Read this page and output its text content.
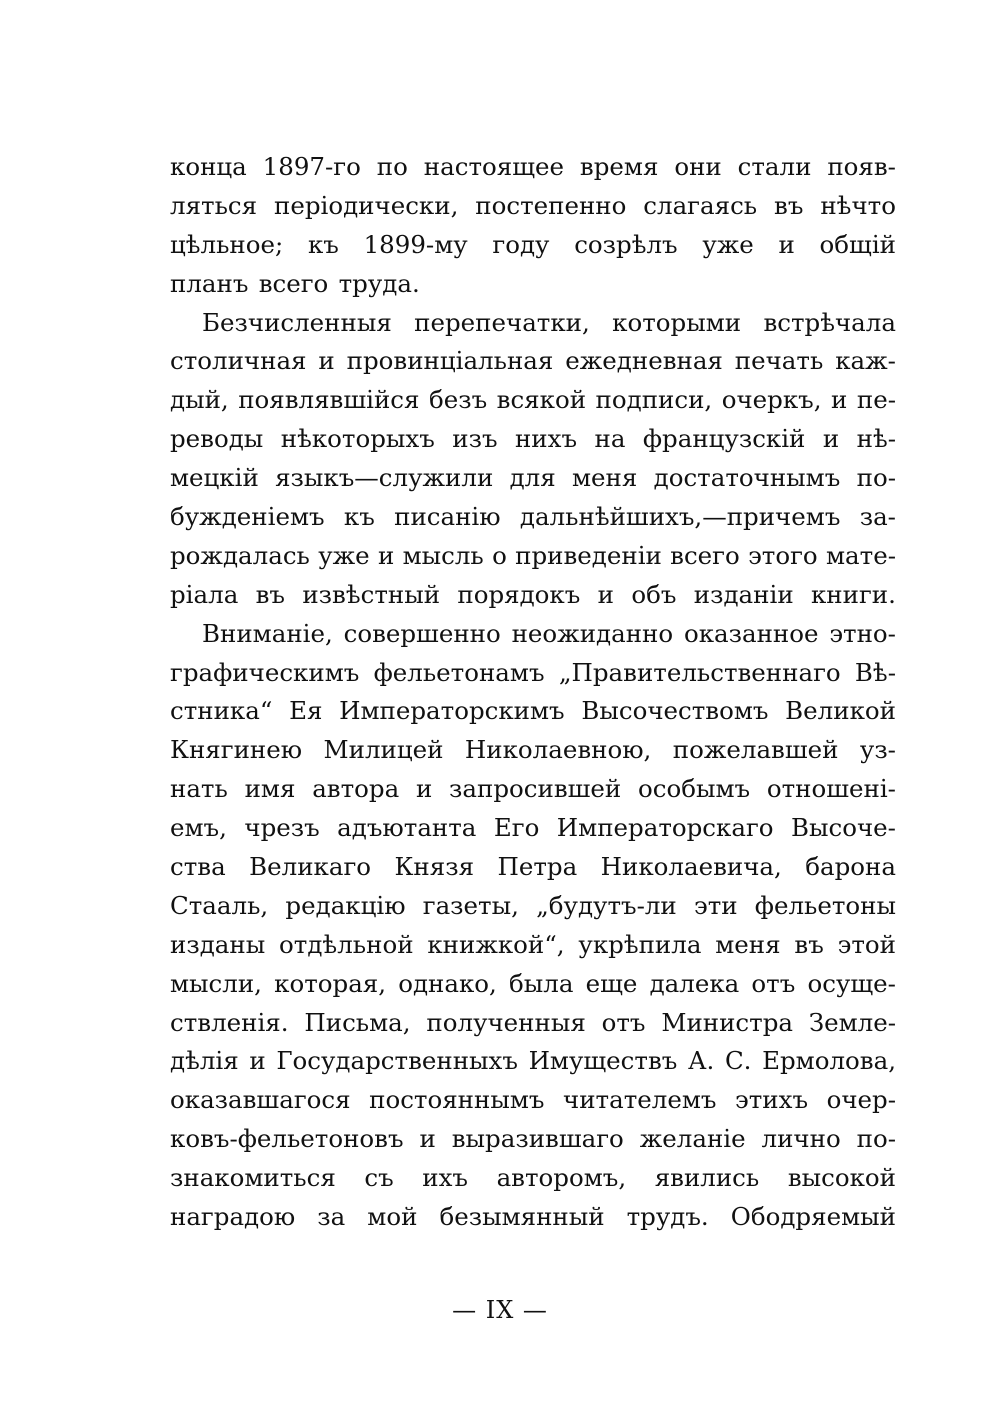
конца 1897-го по настоящее время они стали появ-
ляться періодически, постепенно слагаясь въ нѣчто
цѣльное; къ 1899-му году созрѣлъ уже и общій
планъ всего труда.
Безчисленныя перепечатки, которыми встрѣчала
столичная и провинціальная ежедневная печать каж-
дый, появлявшійся безъ всякой подписи, очеркъ, и пе-
реводы нѣкоторыхъ изъ нихъ на французскій и нѣ-
мецкій языкъ—служили для меня достаточнымъ по-
бужденіемъ къ писанію дальнѣйшихъ,—причемъ за-
рождалась уже и мысль о приведеніи всего этого мате-
ріала въ извѣстный порядокъ и объ изданіи книги.
Вниманіе, совершенно неожиданно оказанное этно-
графическимъ фельетонамъ „Правительственнаго Вѣ-
стника“ Ея Императорскимъ Высочествомъ Великой
Княгинею Милицей Николаевною, пожелавшей уз-
нать имя автора и запросившей особымъ отношені-
емъ, чрезъ адъютанта Его Императорскаго Высоче-
ства Великаго Князя Петра Николаевича, барона
Стааль, редакцію газеты, „будутъ-ли эти фельетоны
изданы отдѣльной книжкой“, укрѣпила меня въ этой
мысли, которая, однако, была еще далека отъ осуще-
ствленія. Письма, полученныя отъ Министра Земле-
дѣлія и Государственныхъ Имуществъ А. С. Ермолова,
оказавшагося постояннымъ читателемъ этихъ очер-
ковъ-фельетоновъ и выразившаго желаніе лично по-
знакомиться съ ихъ авторомъ, явились высокой
наградою за мой безымянный трудъ. Ободряемый
— IX —
